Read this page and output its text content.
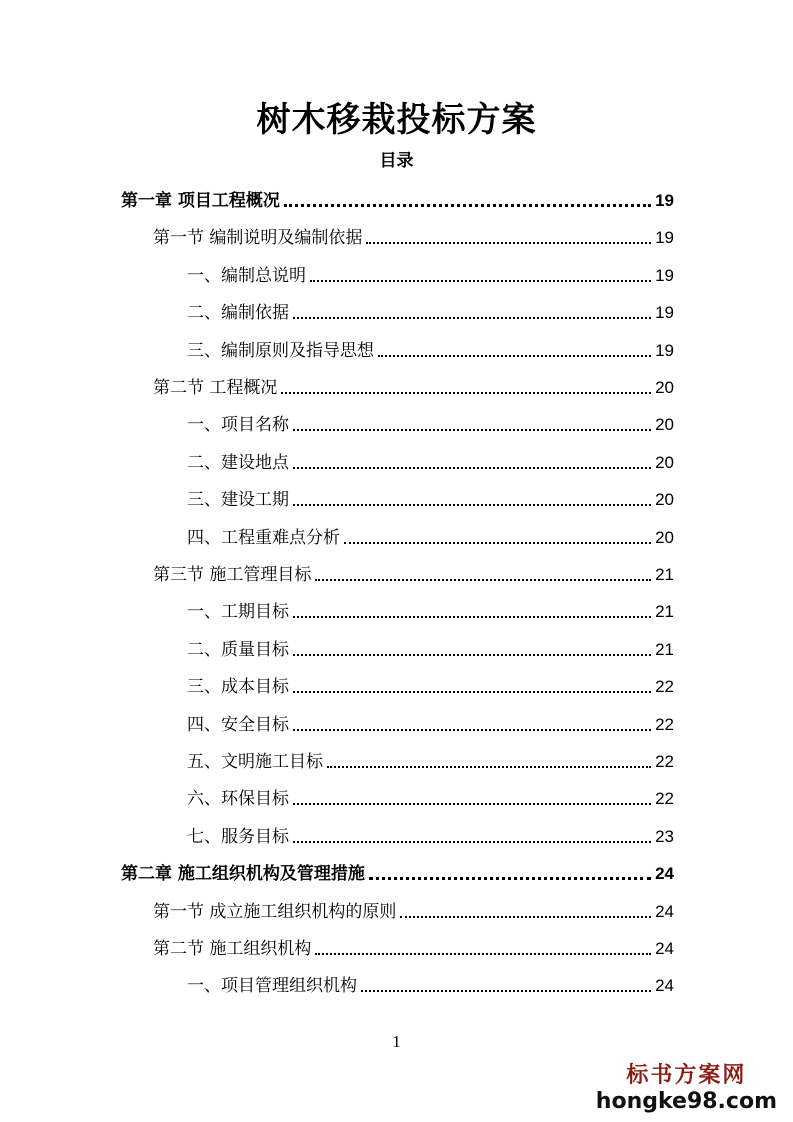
树木移栽投标方案
目录
第一章 项目工程概况	19
第一节 编制说明及编制依据	19
一、编制总说明	19
二、编制依据	19
三、编制原则及指导思想	19
第二节 工程概况	20
一、项目名称	20
二、建设地点	20
三、建设工期	20
四、工程重难点分析	20
第三节 施工管理目标	21
一、工期目标	21
二、质量目标	21
三、成本目标	22
四、安全目标	22
五、文明施工目标	22
六、环保目标	22
七、服务目标	23
第二章 施工组织机构及管理措施	24
第一节 成立施工组织机构的原则	24
第二节 施工组织机构	24
一、项目管理组织机构	24
1
标书方案网
hongke98.com
